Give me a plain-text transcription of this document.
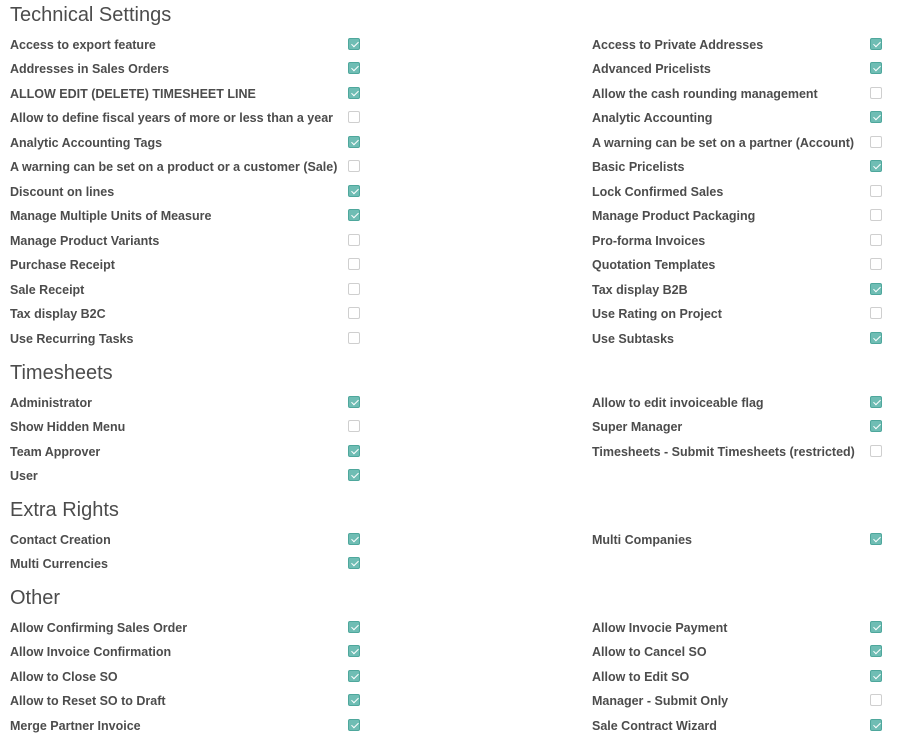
Technical Settings
Access to export feature
Addresses in Sales Orders
ALLOW EDIT (DELETE) TIMESHEET LINE
Allow to define fiscal years of more or less than a year
Analytic Accounting Tags
A warning can be set on a product or a customer (Sale)
Discount on lines
Manage Multiple Units of Measure
Manage Product Variants
Purchase Receipt
Sale Receipt
Tax display B2C
Use Recurring Tasks
Access to Private Addresses
Advanced Pricelists
Allow the cash rounding management
Analytic Accounting
A warning can be set on a partner (Account)
Basic Pricelists
Lock Confirmed Sales
Manage Product Packaging
Pro-forma Invoices
Quotation Templates
Tax display B2B
Use Rating on Project
Use Subtasks
Timesheets
Administrator
Show Hidden Menu
Team Approver
User
Allow to edit invoiceable flag
Super Manager
Timesheets - Submit Timesheets (restricted)
Extra Rights
Contact Creation
Multi Currencies
Multi Companies
Other
Allow Confirming Sales Order
Allow Invoice Confirmation
Allow to Close SO
Allow to Reset SO to Draft
Merge Partner Invoice
Allow Invocie Payment
Allow to Cancel SO
Allow to Edit SO
Manager - Submit Only
Sale Contract Wizard
